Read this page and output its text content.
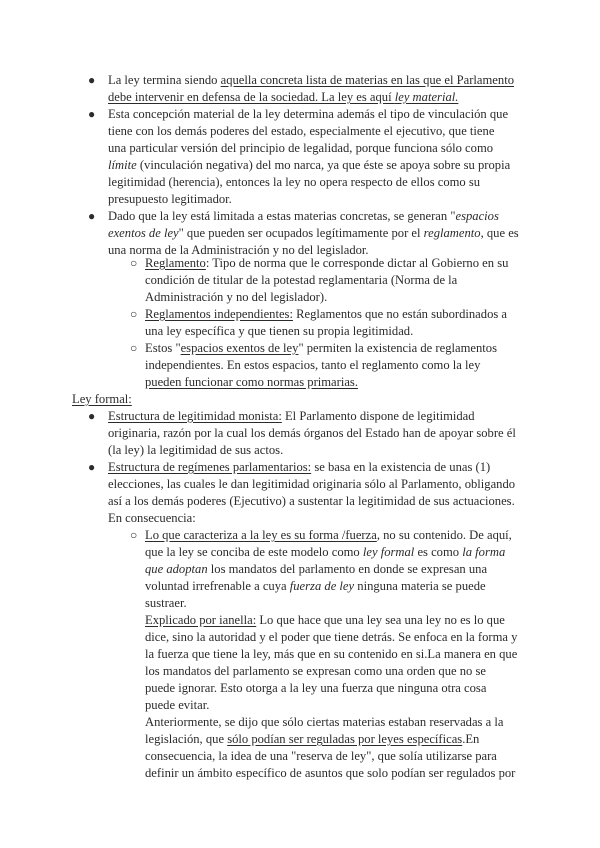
● La ley termina siendo aquella concreta lista de materias en las que el Parlamento
debe intervenir en defensa de la sociedad. La ley es aquí ley material.
● Esta concepción material de la ley determina además el tipo de vinculación que
tiene con los demás poderes del estado, especialmente el ejecutivo, que tiene
una particular versión del principio de legalidad, porque funciona sólo como
límite (vinculación negativa) del mo narca, ya que éste se apoya sobre su propia
legitimidad (herencia), entonces la ley no opera respecto de ellos como su
presupuesto legitimador.
● Dado que la ley está limitada a estas materias concretas, se generan "espacios
exentos de ley" que pueden ser ocupados legítimamente por el reglamento, que es
una norma de la Administración y no del legislador.
○ Reglamento: Tipo de norma que le corresponde dictar al Gobierno en su
condición de titular de la potestad reglamentaria (Norma de la
Administración y no del legislador).
○ Reglamentos independientes: Reglamentos que no están subordinados a
una ley específica y que tienen su propia legitimidad.
○ Estos "espacios exentos de ley" permiten la existencia de reglamentos
independientes. En estos espacios, tanto el reglamento como la ley
pueden funcionar como normas primarias.
Ley formal:
● Estructura de legitimidad monista: El Parlamento dispone de legitimidad
originaria, razón por la cual los demás órganos del Estado han de apoyar sobre él
(la ley) la legitimidad de sus actos.
● Estructura de regímenes parlamentarios: se basa en la existencia de unas (1)
elecciones, las cuales le dan legitimidad originaria sólo al Parlamento, obligando
así a los demás poderes (Ejecutivo) a sustentar la legitimidad de sus actuaciones.
En consecuencia:
○ Lo que caracteriza a la ley es su forma /fuerza, no su contenido. De aquí,
que la ley se conciba de este modelo como ley formal es como la forma
que adoptan los mandatos del parlamento en donde se expresan una
voluntad irrefrenable a cuya fuerza de ley ninguna materia se puede
sustraer.
Explicado por ianella: Lo que hace que una ley sea una ley no es lo que
dice, sino la autoridad y el poder que tiene detrás. Se enfoca en la forma y
la fuerza que tiene la ley, más que en su contenido en si.La manera en que
los mandatos del parlamento se expresan como una orden que no se
puede ignorar. Esto otorga a la ley una fuerza que ninguna otra cosa
puede evitar.
Anteriormente, se dijo que sólo ciertas materias estaban reservadas a la
legislación, que sólo podían ser reguladas por leyes específicas.En
consecuencia, la idea de una "reserva de ley", que solía utilizarse para
definir un ámbito específico de asuntos que solo podían ser regulados por
